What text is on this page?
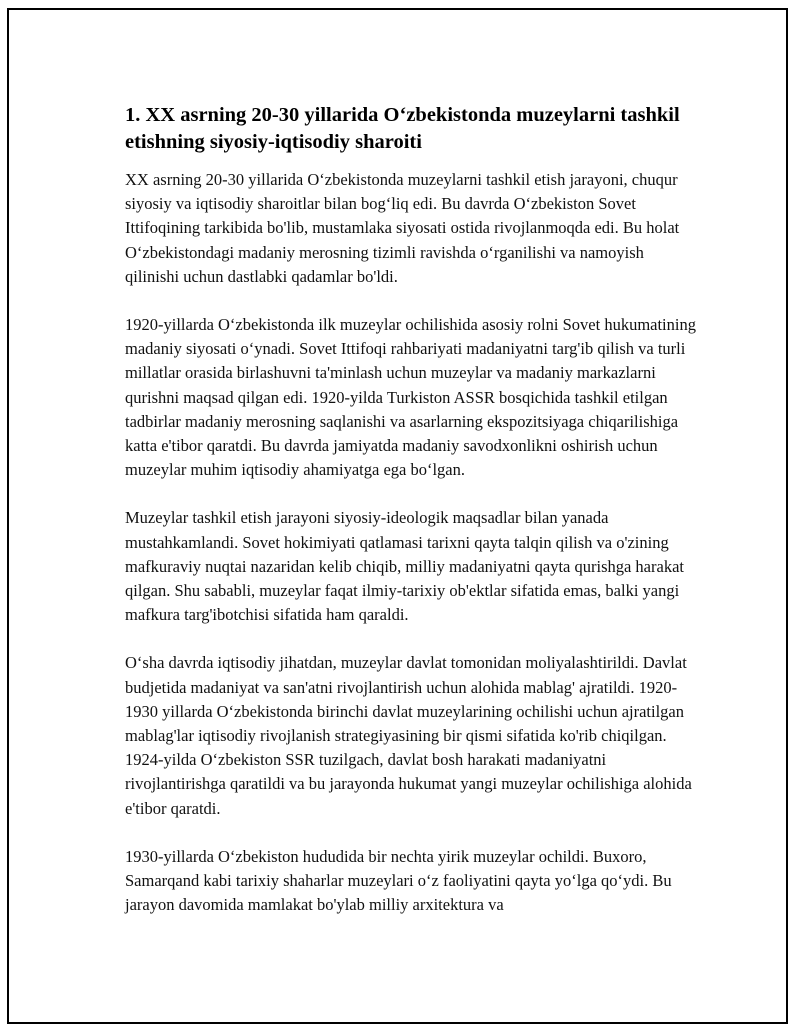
1. XX asrning 20-30 yillarida O‘zbekistonda muzeylarni tashkil etishning siyosiy-iqtisodiy sharoiti

XX asrning 20-30 yillarida O‘zbekistonda muzeylarni tashkil etish jarayoni, chuqur siyosiy va iqtisodiy sharoitlar bilan bog‘liq edi. Bu davrda O‘zbekiston Sovet Ittifoqining tarkibida bo'lib, mustamlaka siyosati ostida rivojlanmoqda edi. Bu holat O‘zbekistondagi madaniy merosning tizimli ravishda o‘rganilishi va namoyish qilinishi uchun dastlabki qadamlar bo'ldi.

1920-yillarda O‘zbekistonda ilk muzeylar ochilishida asosiy rolni Sovet hukumatining madaniy siyosati o‘ynadi. Sovet Ittifoqi rahbariyati madaniyatni targ'ib qilish va turli millatlar orasida birlashuvni ta'minlash uchun muzeylar va madaniy markazlarni qurishni maqsad qilgan edi. 1920-yilda Turkiston ASSR bosqichida tashkil etilgan tadbirlar madaniy merosning saqlanishi va asarlarning ekspozitsiyaga chiqarilishiga katta e'tibor qaratdi. Bu davrda jamiyatda madaniy savodxonlikni oshirish uchun muzeylar muhim iqtisodiy ahamiyatga ega bo‘lgan.

Muzeylar tashkil etish jarayoni siyosiy-ideologik maqsadlar bilan yanada mustahkamlandi. Sovet hokimiyati qatlamasi tarixni qayta talqin qilish va o'zining mafkuraviy nuqtai nazaridan kelib chiqib, milliy madaniyatni qayta qurishga harakat qilgan. Shu sababli, muzeylar faqat ilmiy-tarixiy ob'ektlar sifatida emas, balki yangi mafkura targ'ibotchisi sifatida ham qaraldi.

O‘sha davrda iqtisodiy jihatdan, muzeylar davlat tomonidan moliyalashtirildi. Davlat budjetida madaniyat va san'atni rivojlantirish uchun alohida mablag' ajratildi. 1920-1930 yillarda O‘zbekistonda birinchi davlat muzeylarining ochilishi uchun ajratilgan mablag'lar iqtisodiy rivojlanish strategiyasining bir qismi sifatida ko'rib chiqilgan. 1924-yilda O‘zbekiston SSR tuzilgach, davlat bosh harakati madaniyatni rivojlantirishga qaratildi va bu jarayonda hukumat yangi muzeylar ochilishiga alohida e'tibor qaratdi.

1930-yillarda O‘zbekiston hududida bir nechta yirik muzeylar ochildi. Buxoro, Samarqand kabi tarixiy shaharlar muzeylari o‘z faoliyatini qayta yo‘lga qo‘ydi. Bu jarayon davomida mamlakat bo'ylab milliy arxitektura va
